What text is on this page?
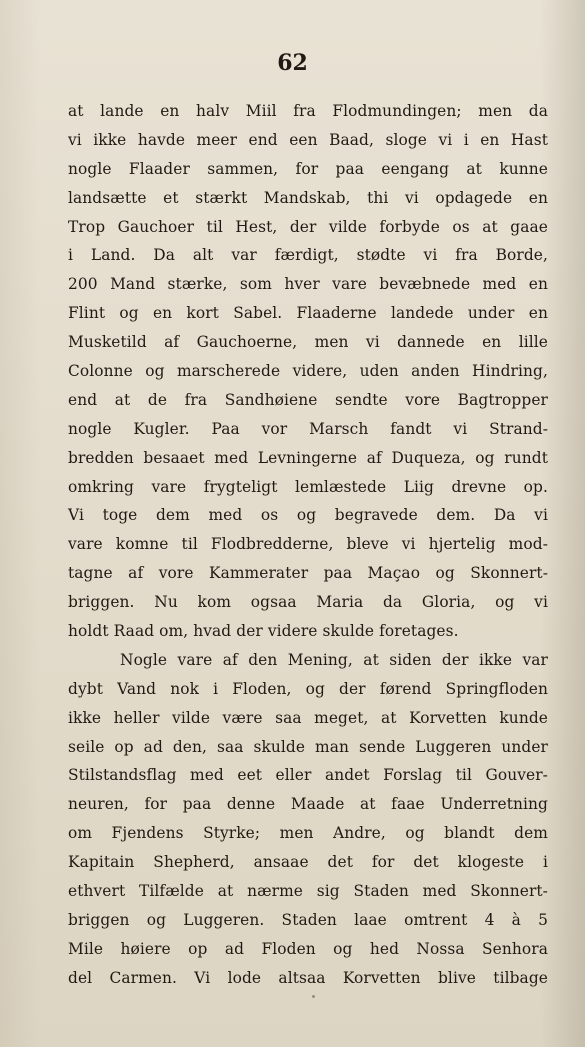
62
at lande en halv Miil fra Flodmundingen; men da
vi ikke havde meer end een Baad, sloge vi i en Hast
nogle Flaader sammen, for paa eengang at kunne
landsætte et stærkt Mandskab, thi vi opdagede en
Trop Gauchoer til Hest, der vilde forbyde os at gaae
i Land. Da alt var færdigt, stødte vi fra Borde,
200 Mand stærke, som hver vare bevæbnede med en
Flint og en kort Sabel. Flaaderne landede under en
Musketild af Gauchoerne, men vi dannede en lille
Colonne og marscherede videre, uden anden Hindring,
end at de fra Sandhøiene sendte vore Bagtropper
nogle Kugler. Paa vor Marsch fandt vi Strand-
bredden besaaet med Levningerne af Duqueza, og rundt
omkring vare frygteligt lemlæstede Liig drevne op.
Vi toge dem med os og begravede dem. Da vi
vare komne til Flodbredderne, bleve vi hjertelig mod-
tagne af vore Kammerater paa Maçao og Skonnert-
briggen. Nu kom ogsaa Maria da Gloria, og vi
holdt Raad om, hvad der videre skulde foretages.
Nogle vare af den Mening, at siden der ikke var
dybt Vand nok i Floden, og der førend Springfloden
ikke heller vilde være saa meget, at Korvetten kunde
seile op ad den, saa skulde man sende Luggeren under
Stilstandsflag med eet eller andet Forslag til Gouver-
neuren, for paa denne Maade at faae Underretning
om Fjendens Styrke; men Andre, og blandt dem
Kapitain Shepherd, ansaae det for det klogeste i
ethvert Tilfælde at nærme sig Staden med Skonnert-
briggen og Luggeren. Staden laae omtrent 4 à 5
Mile høiere op ad Floden og hed Nossa Senhora
del Carmen. Vi lode altsaa Korvetten blive tilbage
